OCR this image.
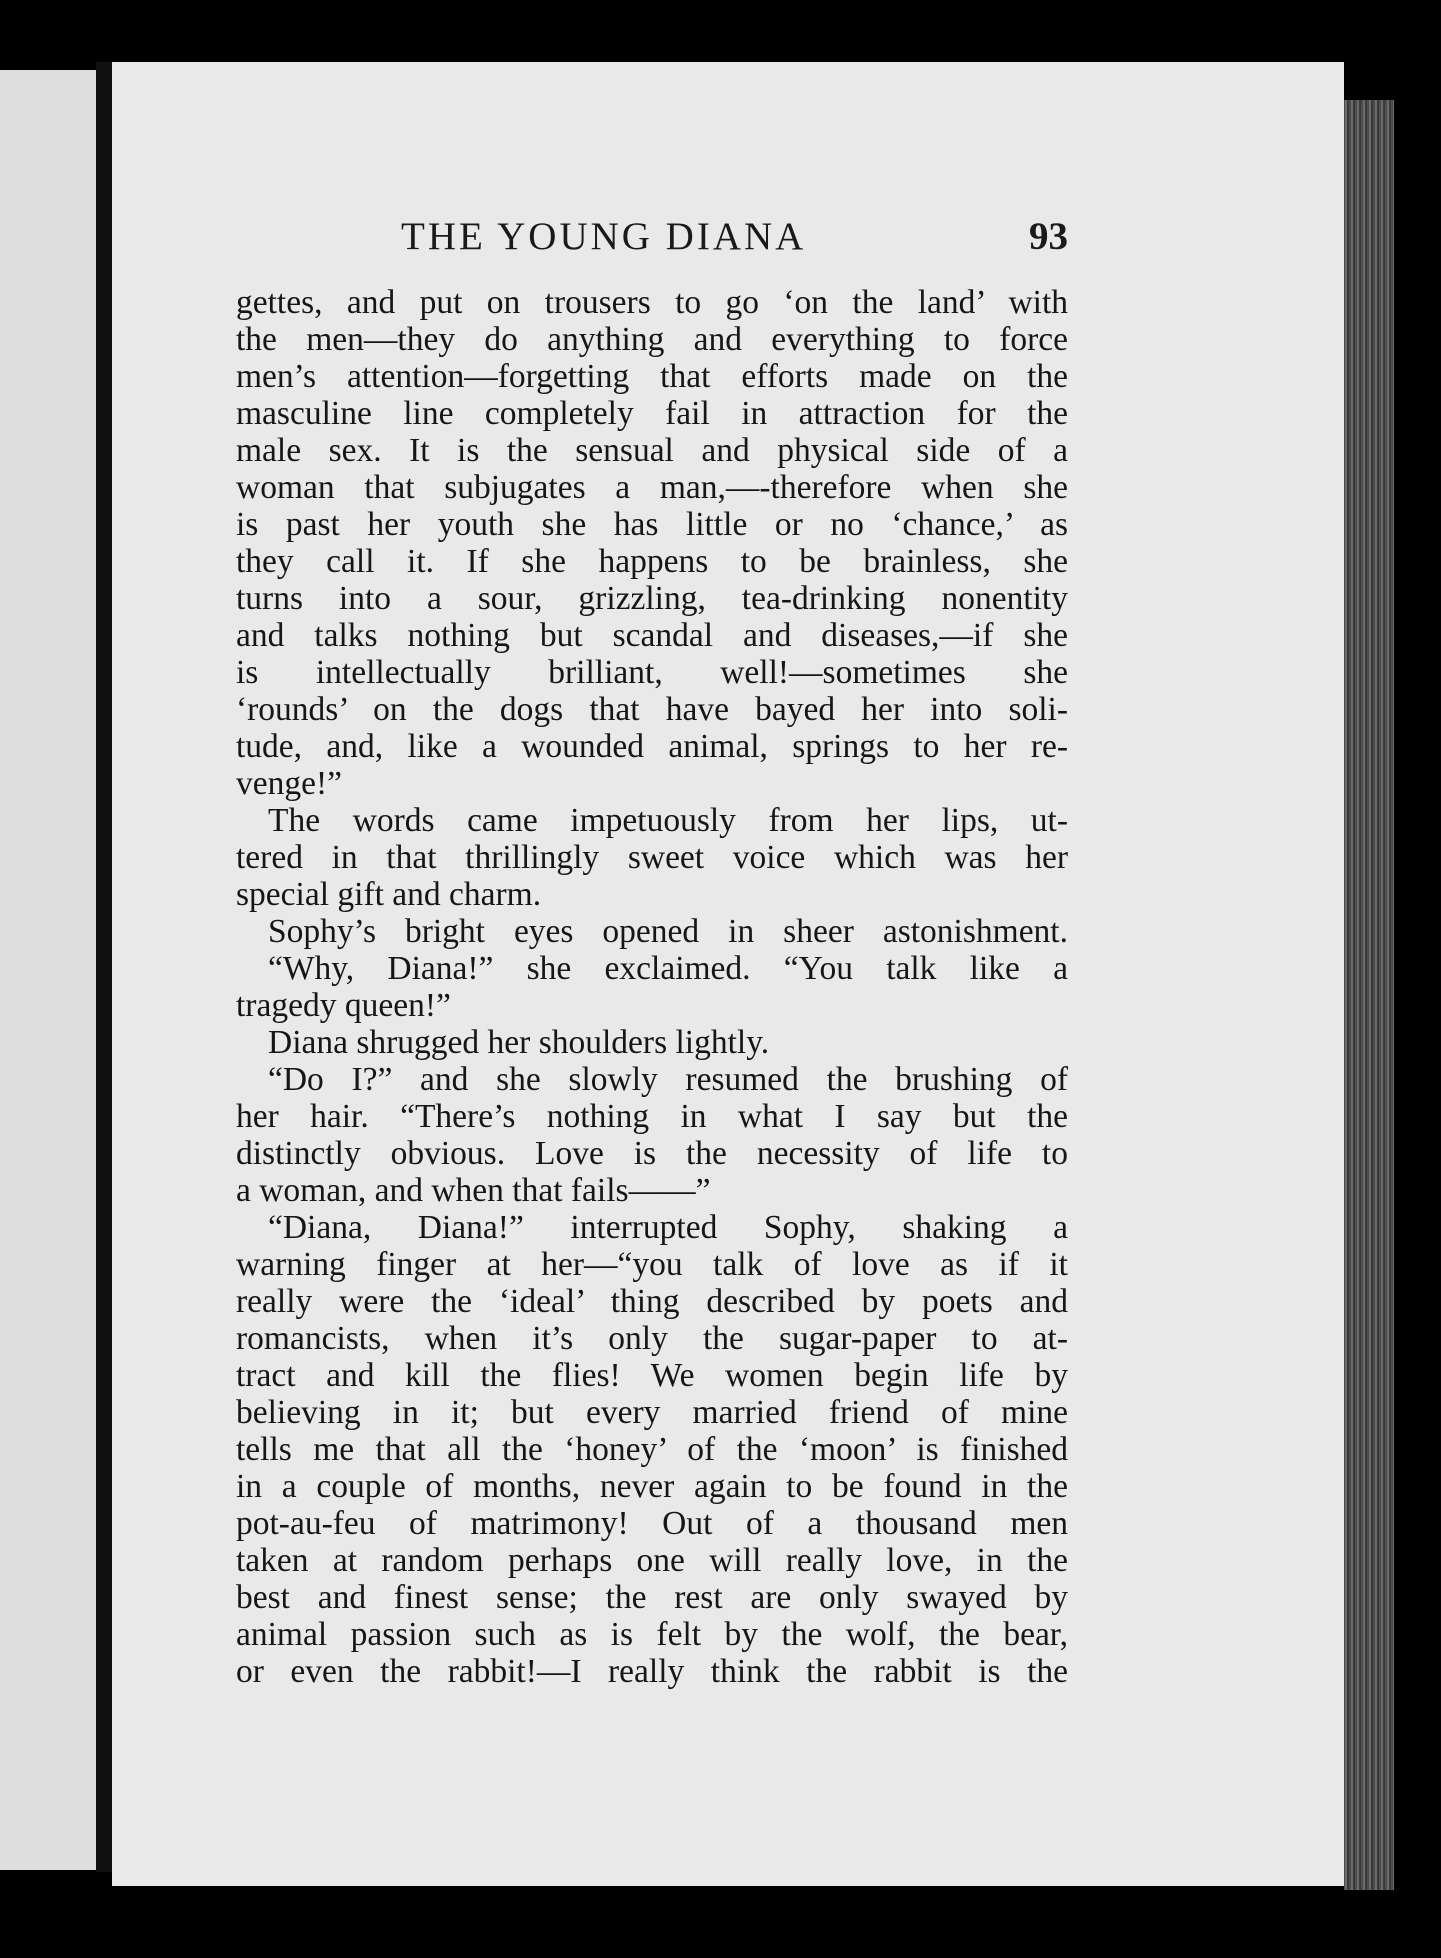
THE YOUNG DIANA	93
gettes, and put on trousers to go ‘on the land’ with
the men—they do anything and everything to force
men’s attention—forgetting that efforts made on the
masculine line completely fail in attraction for the
male sex. It is the sensual and physical side of a
woman that subjugates a man,—-therefore when she
is past her youth she has little or no ‘chance,’ as
they call it. If she happens to be brainless, she
turns into a sour, grizzling, tea-drinking nonentity
and talks nothing but scandal and diseases,—if she
is intellectually brilliant, well!—sometimes she
‘rounds’ on the dogs that have bayed her into soli-
tude, and, like a wounded animal, springs to her re-
venge!”
The words came impetuously from her lips, ut-
tered in that thrillingly sweet voice which was her
special gift and charm.
Sophy’s bright eyes opened in sheer astonishment.
“Why, Diana!” she exclaimed. “You talk like a
tragedy queen!”
Diana shrugged her shoulders lightly.
“Do I?” and she slowly resumed the brushing of
her hair. “There’s nothing in what I say but the
distinctly obvious. Love is the necessity of life to
a woman, and when that fails——”
“Diana, Diana!” interrupted Sophy, shaking a
warning finger at her—“you talk of love as if it
really were the ‘ideal’ thing described by poets and
romancists, when it’s only the sugar-paper to at-
tract and kill the flies! We women begin life by
believing in it; but every married friend of mine
tells me that all the ‘honey’ of the ‘moon’ is finished
in a couple of months, never again to be found in the
pot-au-feu of matrimony! Out of a thousand men
taken at random perhaps one will really love, in the
best and finest sense; the rest are only swayed by
animal passion such as is felt by the wolf, the bear,
or even the rabbit!—I really think the rabbit is the
